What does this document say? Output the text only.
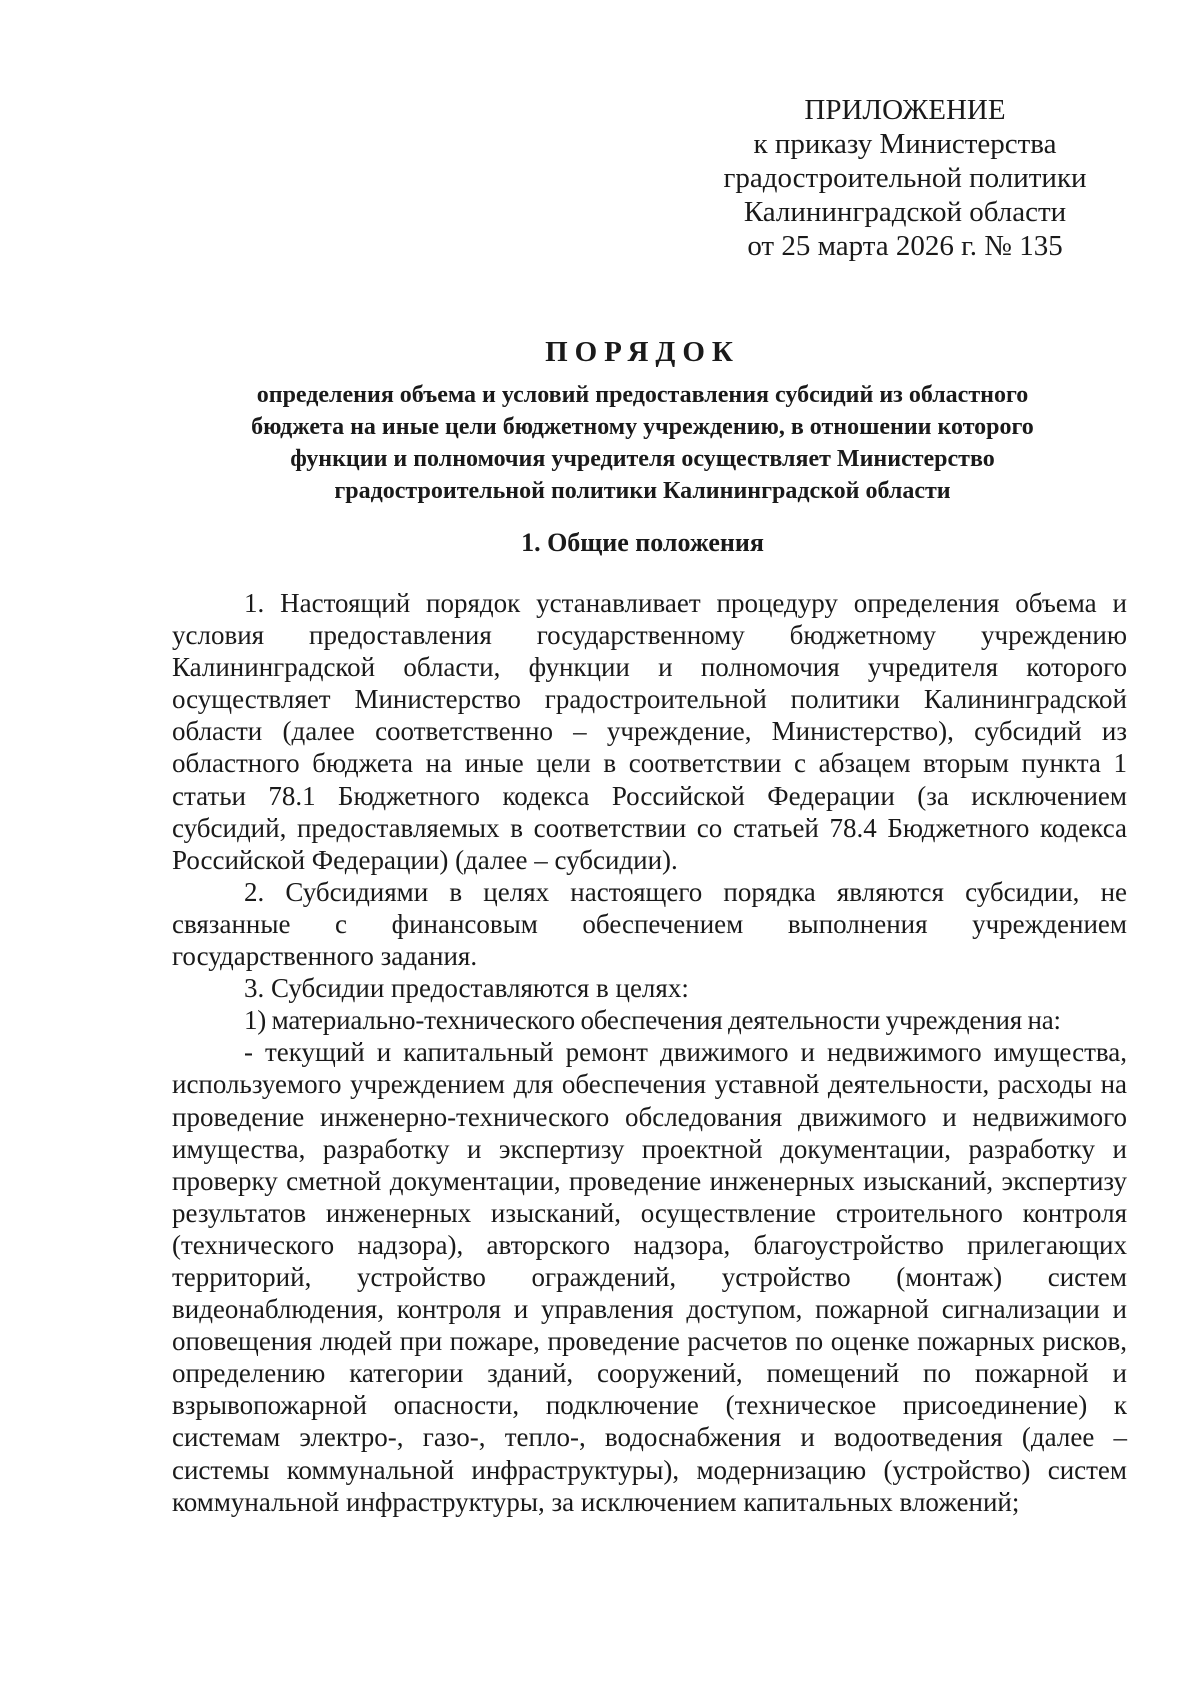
ПРИЛОЖЕНИЕ
к приказу Министерства
градостроительной политики
Калининградской области
от 25 марта 2026 г. № 135
ПОРЯДОК
определения объема и условий предоставления субсидий из областного
бюджета на иные цели бюджетному учреждению, в отношении которого
функции и полномочия учредителя осуществляет Министерство
градостроительной политики Калининградской области
1. Общие положения

1. Настоящий порядок устанавливает процедуру определения объема и условия предоставления государственному бюджетному учреждению Калининградской области, функции и полномочия учредителя которого осуществляет Министерство градостроительной политики Калининградской области (далее соответственно – учреждение, Министерство), субсидий из областного бюджета на иные цели в соответствии с абзацем вторым пункта 1 статьи 78.1 Бюджетного кодекса Российской Федерации (за исключением субсидий, предоставляемых в соответствии со статьей 78.4 Бюджетного кодекса Российской Федерации) (далее – субсидии).

2. Субсидиями в целях настоящего порядка являются субсидии, не связанные с финансовым обеспечением выполнения учреждением государственного задания.

3. Субсидии предоставляются в целях:

1) материально-технического обеспечения деятельности учреждения на:

- текущий и капитальный ремонт движимого и недвижимого имущества, используемого учреждением для обеспечения уставной деятельности, расходы на проведение инженерно-технического обследования движимого и недвижимого имущества, разработку и экспертизу проектной документации, разработку и проверку сметной документации, проведение инженерных изысканий, экспертизу результатов инженерных изысканий, осуществление строительного контроля (технического надзора), авторского надзора, благоустройство прилегающих территорий, устройство ограждений, устройство (монтаж) систем видеонаблюдения, контроля и управления доступом, пожарной сигнализации и оповещения людей при пожаре, проведение расчетов по оценке пожарных рисков, определению категории зданий, сооружений, помещений по пожарной и взрывопожарной опасности, подключение (техническое присоединение) к системам электро-, газо-, тепло-, водоснабжения и водоотведения (далее – системы коммунальной инфраструктуры), модернизацию (устройство) систем коммунальной инфраструктуры, за исключением капитальных вложений;
